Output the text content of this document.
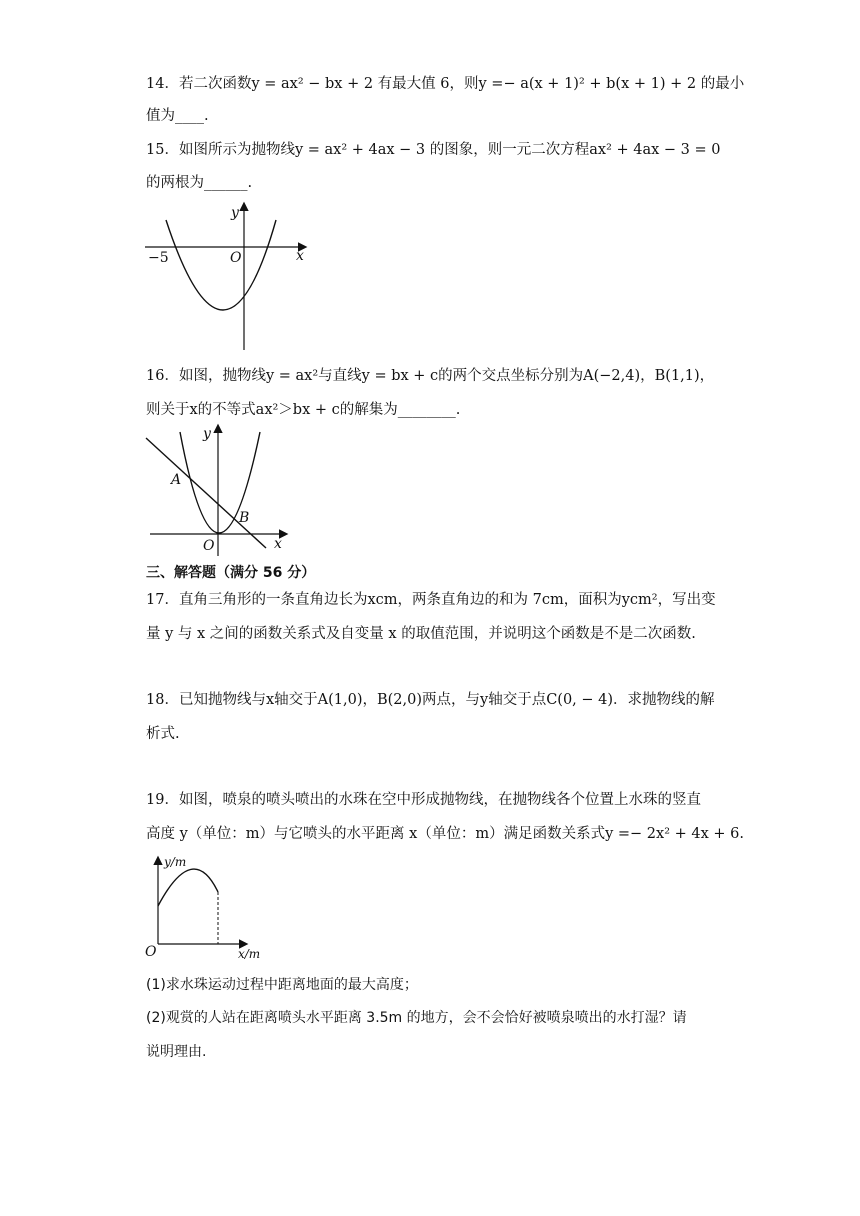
14．若二次函数y = ax² − bx + 2 有最大值 6，则y =− a(x + 1)² + b(x + 1) + 2 的最小
值为____.
15．如图所示为抛物线y = ax² + 4ax − 3 的图象，则一元二次方程ax² + 4ax − 3 = 0
的两根为______.
y
x
O
−5
16．如图，抛物线y = ax²与直线y = bx + c的两个交点坐标分别为A(−2,4)，B(1,1)，
则关于x的不等式ax²＞bx + c的解集为________.
A
B
y
x
O
三、解答题（满分 56 分）
17．直角三角形的一条直角边长为xcm，两条直角边的和为 7cm，面积为ycm²，写出变
量 y 与 x 之间的函数关系式及自变量 x 的取值范围，并说明这个函数是不是二次函数.
18．已知抛物线与x轴交于A(1,0)，B(2,0)两点，与y轴交于点C(0, − 4)．求抛物线的解
析式.
19．如图，喷泉的喷头喷出的水珠在空中形成抛物线，在抛物线各个位置上水珠的竖直
高度 y（单位：m）与它喷头的水平距离 x（单位：m）满足函数关系式y =− 2x² + 4x + 6.
y/m
x/m
O
(1)求水珠运动过程中距离地面的最大高度；
(2)观赏的人站在距离喷头水平距离 3.5m 的地方，会不会恰好被喷泉喷出的水打湿？请
说明理由.
